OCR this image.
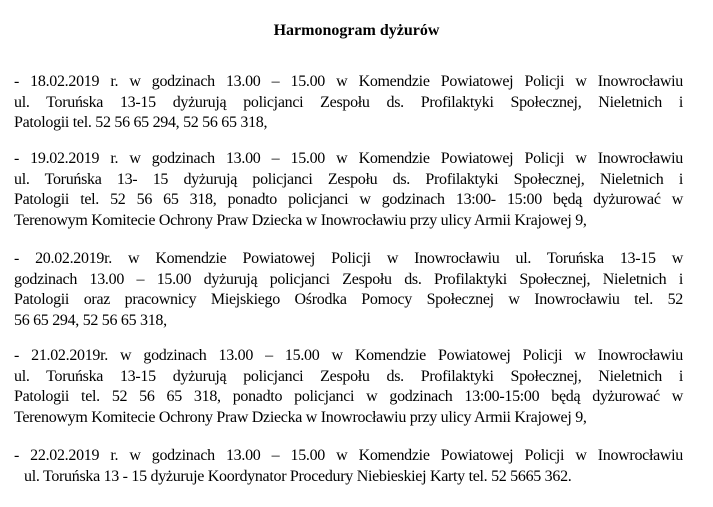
Harmonogram dyżurów
- 18.02.2019 r. w godzinach 13.00 – 15.00 w Komendzie Powiatowej Policji w Inowrocławiu
ul. Toruńska 13-15 dyżurują policjanci Zespołu ds. Profilaktyki Społecznej, Nieletnich i
Patologii tel. 52 56 65 294, 52 56 65 318,
- 19.02.2019 r. w godzinach 13.00 – 15.00 w Komendzie Powiatowej Policji w Inowrocławiu
ul. Toruńska 13- 15 dyżurują policjanci Zespołu ds. Profilaktyki Społecznej, Nieletnich i
Patologii tel. 52 56 65 318, ponadto policjanci w godzinach 13:00- 15:00 będą dyżurować w
Terenowym Komitecie Ochrony Praw Dziecka w Inowrocławiu przy ulicy Armii Krajowej 9,
- 20.02.2019r. w Komendzie Powiatowej Policji w Inowrocławiu ul. Toruńska 13-15 w
godzinach 13.00 – 15.00 dyżurują policjanci Zespołu ds. Profilaktyki Społecznej, Nieletnich i
Patologii oraz pracownicy Miejskiego Ośrodka Pomocy Społecznej w Inowrocławiu tel. 52
56 65 294, 52 56 65 318,
- 21.02.2019r. w godzinach 13.00 – 15.00 w Komendzie Powiatowej Policji w Inowrocławiu
ul. Toruńska 13-15 dyżurują policjanci Zespołu ds. Profilaktyki Społecznej, Nieletnich i
Patologii tel. 52 56 65 318, ponadto policjanci w godzinach 13:00-15:00 będą dyżurować w
Terenowym Komitecie Ochrony Praw Dziecka w Inowrocławiu przy ulicy Armii Krajowej 9,
- 22.02.2019 r. w godzinach 13.00 – 15.00 w Komendzie Powiatowej Policji w Inowrocławiu
ul. Toruńska 13 - 15 dyżuruje Koordynator Procedury Niebieskiej Karty tel. 52 5665 362.
